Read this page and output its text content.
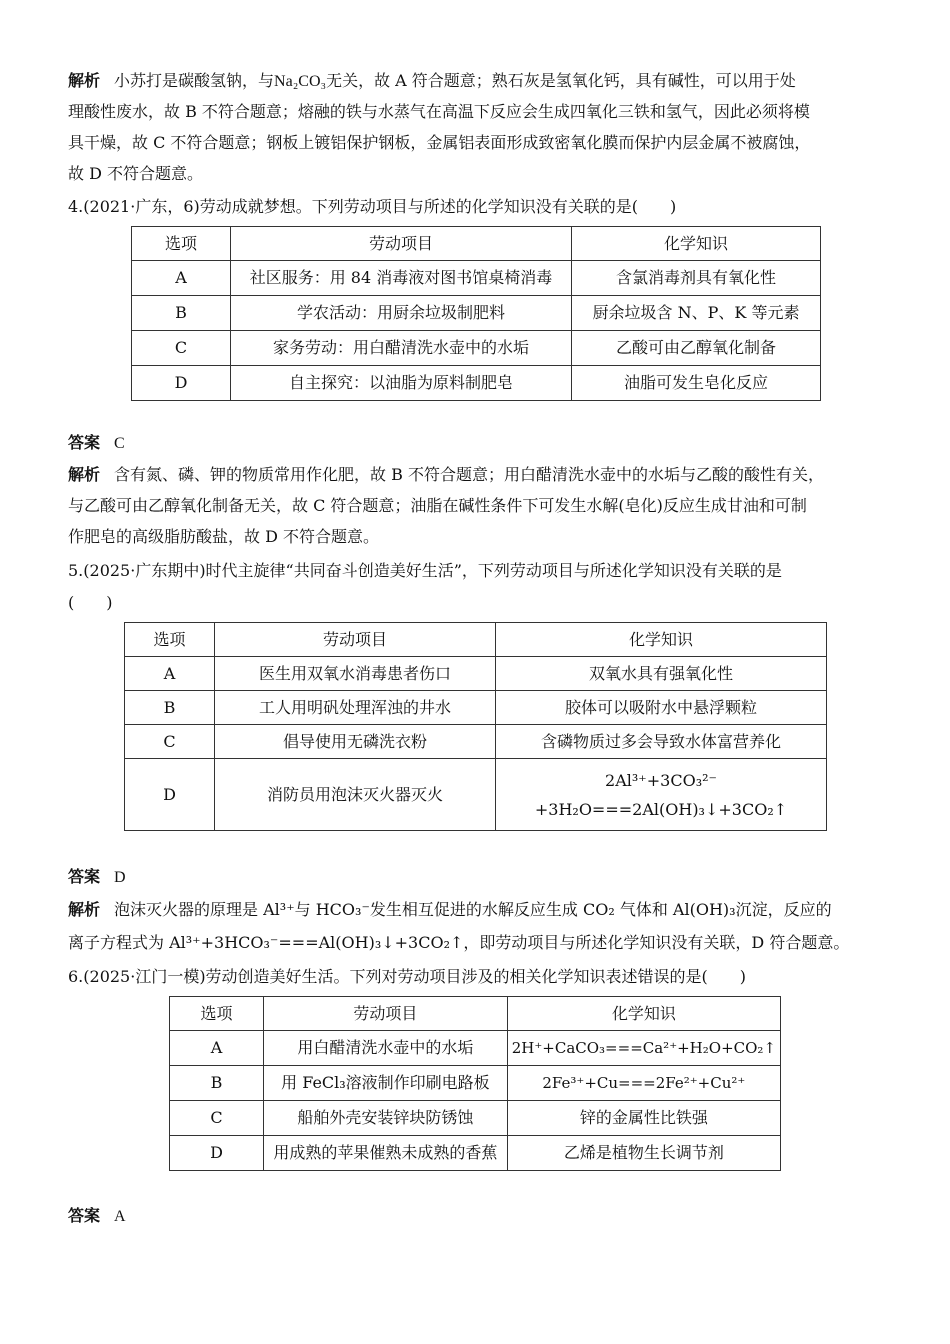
解析 小苏打是碳酸氢钠，与Na₂CO₃无关，故 A 符合题意；熟石灰是氢氧化钙，具有碱性，可以用于处
理酸性废水，故 B 不符合题意；熔融的铁与水蒸气在高温下反应会生成四氧化三铁和氢气，因此必须将模
具干燥，故 C 不符合题意；钢板上镀铝保护钢板，金属铝表面形成致密氧化膜而保护内层金属不被腐蚀，
故 D 不符合题意。
4.(2021·广东，6)劳动成就梦想。下列劳动项目与所述的化学知识没有关联的是(　　)
选项	劳动项目	化学知识
A	社区服务：用 84 消毒液对图书馆桌椅消毒	含氯消毒剂具有氧化性
B	学农活动：用厨余垃圾制肥料	厨余垃圾含 N、P、K 等元素
C	家务劳动：用白醋清洗水壶中的水垢	乙酸可由乙醇氧化制备
D	自主探究：以油脂为原料制肥皂	油脂可发生皂化反应
答案 C
解析 含有氮、磷、钾的物质常用作化肥，故 B 不符合题意；用白醋清洗水壶中的水垢与乙酸的酸性有关，
与乙酸可由乙醇氧化制备无关，故 C 符合题意；油脂在碱性条件下可发生水解(皂化)反应生成甘油和可制
作肥皂的高级脂肪酸盐，故 D 不符合题意。
5.(2025·广东期中)时代主旋律“共同奋斗创造美好生活”，下列劳动项目与所述化学知识没有关联的是
(　　)
选项	劳动项目	化学知识
A	医生用双氧水消毒患者伤口	双氧水具有强氧化性
B	工人用明矾处理浑浊的井水	胶体可以吸附水中悬浮颗粒
C	倡导使用无磷洗衣粉	含磷物质过多会导致水体富营养化
D	消防员用泡沫灭火器灭火	2Al³⁺+3CO₃²⁻
+3H₂O===2Al(OH)₃↓+3CO₂↑
答案 D
解析 泡沫灭火器的原理是 Al³⁺与 HCO₃⁻发生相互促进的水解反应生成 CO₂ 气体和 Al(OH)₃沉淀，反应的
离子方程式为 Al³⁺+3HCO₃⁻===Al(OH)₃↓+3CO₂↑，即劳动项目与所述化学知识没有关联，D 符合题意。
6.(2025·江门一模)劳动创造美好生活。下列对劳动项目涉及的相关化学知识表述错误的是(　　)
选项	劳动项目	化学知识
A	用白醋清洗水壶中的水垢	2H⁺+CaCO₃===Ca²⁺+H₂O+CO₂↑
B	用 FeCl₃溶液制作印刷电路板	2Fe³⁺+Cu===2Fe²⁺+Cu²⁺
C	船舶外壳安装锌块防锈蚀	锌的金属性比铁强
D	用成熟的苹果催熟未成熟的香蕉	乙烯是植物生长调节剂
答案 A
